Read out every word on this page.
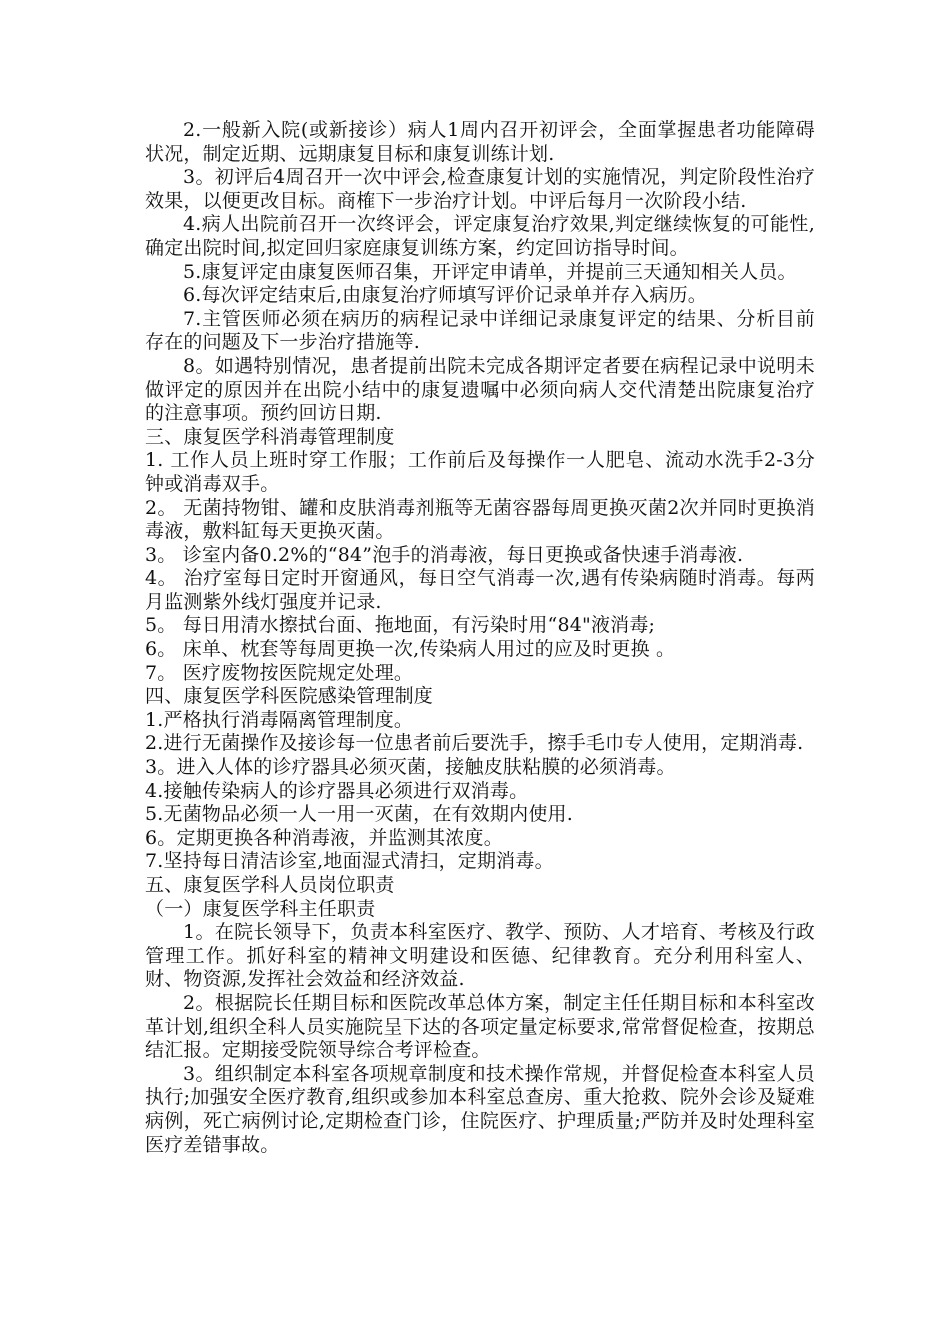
2.一般新入院(或新接诊）病人1周内召开初评会，全面掌握患者功能障碍状况，制定近期、远期康复目标和康复训练计划.

3。初评后4周召开一次中评会,检查康复计划的实施情况，判定阶段性治疗效果，以便更改目标。商榷下一步治疗计划。中评后每月一次阶段小结.

4.病人出院前召开一次终评会，评定康复治疗效果,判定继续恢复的可能性,确定出院时间,拟定回归家庭康复训练方案，约定回访指导时间。

5.康复评定由康复医师召集，开评定申请单，并提前三天通知相关人员。

6.每次评定结束后,由康复治疗师填写评价记录单并存入病历。

7.主管医师必须在病历的病程记录中详细记录康复评定的结果、分析目前存在的问题及下一步治疗措施等.

8。如遇特别情况，患者提前出院未完成各期评定者要在病程记录中说明未做评定的原因并在出院小结中的康复遗嘱中必须向病人交代清楚出院康复治疗的注意事项。预约回访日期.

三、康复医学科消毒管理制度

1. 工作人员上班时穿工作服；工作前后及每操作一人肥皂、流动水洗手2-3分钟或消毒双手。

2。 无菌持物钳、罐和皮肤消毒剂瓶等无菌容器每周更换灭菌2次并同时更换消毒液，敷料缸每天更换灭菌。

3。 诊室内备0.2%的“84”泡手的消毒液，每日更换或备快速手消毒液.

4。 治疗室每日定时开窗通风，每日空气消毒一次,遇有传染病随时消毒。每两月监测紫外线灯强度并记录.

5。 每日用清水擦拭台面、拖地面，有污染时用“84"液消毒;

6。 床单、枕套等每周更换一次,传染病人用过的应及时更换 。

7。 医疗废物按医院规定处理。

四、康复医学科医院感染管理制度

1.严格执行消毒隔离管理制度。

2.进行无菌操作及接诊每一位患者前后要洗手，擦手毛巾专人使用，定期消毒.

3。进入人体的诊疗器具必须灭菌，接触皮肤粘膜的必须消毒。

4.接触传染病人的诊疗器具必须进行双消毒。

5.无菌物品必须一人一用一灭菌，在有效期内使用.

6。定期更换各种消毒液，并监测其浓度。

7.坚持每日清洁诊室,地面湿式清扫，定期消毒。

五、康复医学科人员岗位职责

（一）康复医学科主任职责

1。在院长领导下，负责本科室医疗、教学、预防、人才培育、考核及行政管理工作。抓好科室的精神文明建设和医德、纪律教育。充分利用科室人、财、物资源,发挥社会效益和经济效益.

2。根据院长任期目标和医院改革总体方案，制定主任任期目标和本科室改革计划,组织全科人员实施院呈下达的各项定量定标要求,常常督促检查，按期总结汇报。定期接受院领导综合考评检查。

3。组织制定本科室各项规章制度和技术操作常规，并督促检查本科室人员执行;加强安全医疗教育,组织或参加本科室总查房、重大抢救、院外会诊及疑难病例，死亡病例讨论,定期检查门诊，住院医疗、护理质量;严防并及时处理科室医疗差错事故。
